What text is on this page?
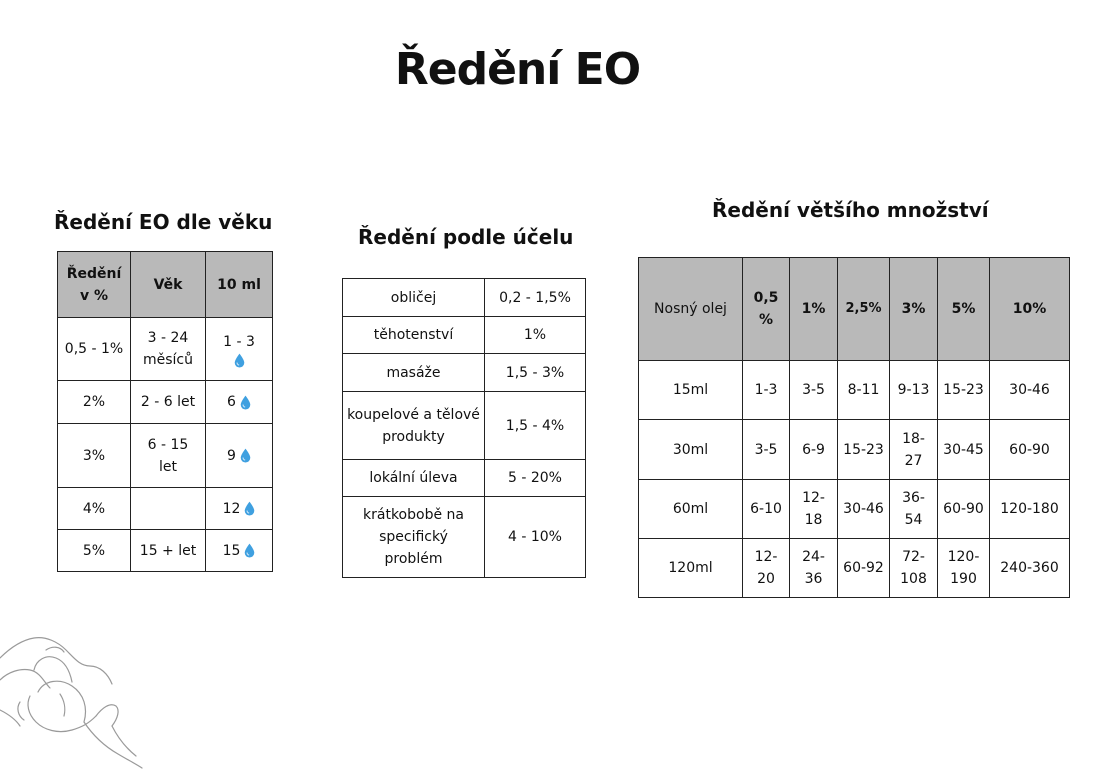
Ředění EO
Ředění EO dle věku
Ředění v %	Věk	10 ml
0,5 - 1%	3 - 24 měsíců	1 - 3

2%	2 - 6 let	6
3%	6 - 15 let	9
4%		12
5%	15 + let	15
Ředění podle účelu
obličej	0,2 - 1,5%
těhotenství	1%
masáže	1,5 - 3%
koupelové a tělové produkty	1,5 - 4%
lokální úleva	5 - 20%
krátkobobě na specifický problém	4 - 10%
Ředění většího množství
Nosný olej	0,5 %	1%	2,5%	3%	5%	10%
15ml	1-3	3-5	8-11	9-13	15-23	30-46
30ml	3-5	6-9	15-23	18-27	30-45	60-90
60ml	6-10	12-18	30-46	36-54	60-90	120-180
120ml	12-20	24-36	60-92	72-108	120-190	240-360
